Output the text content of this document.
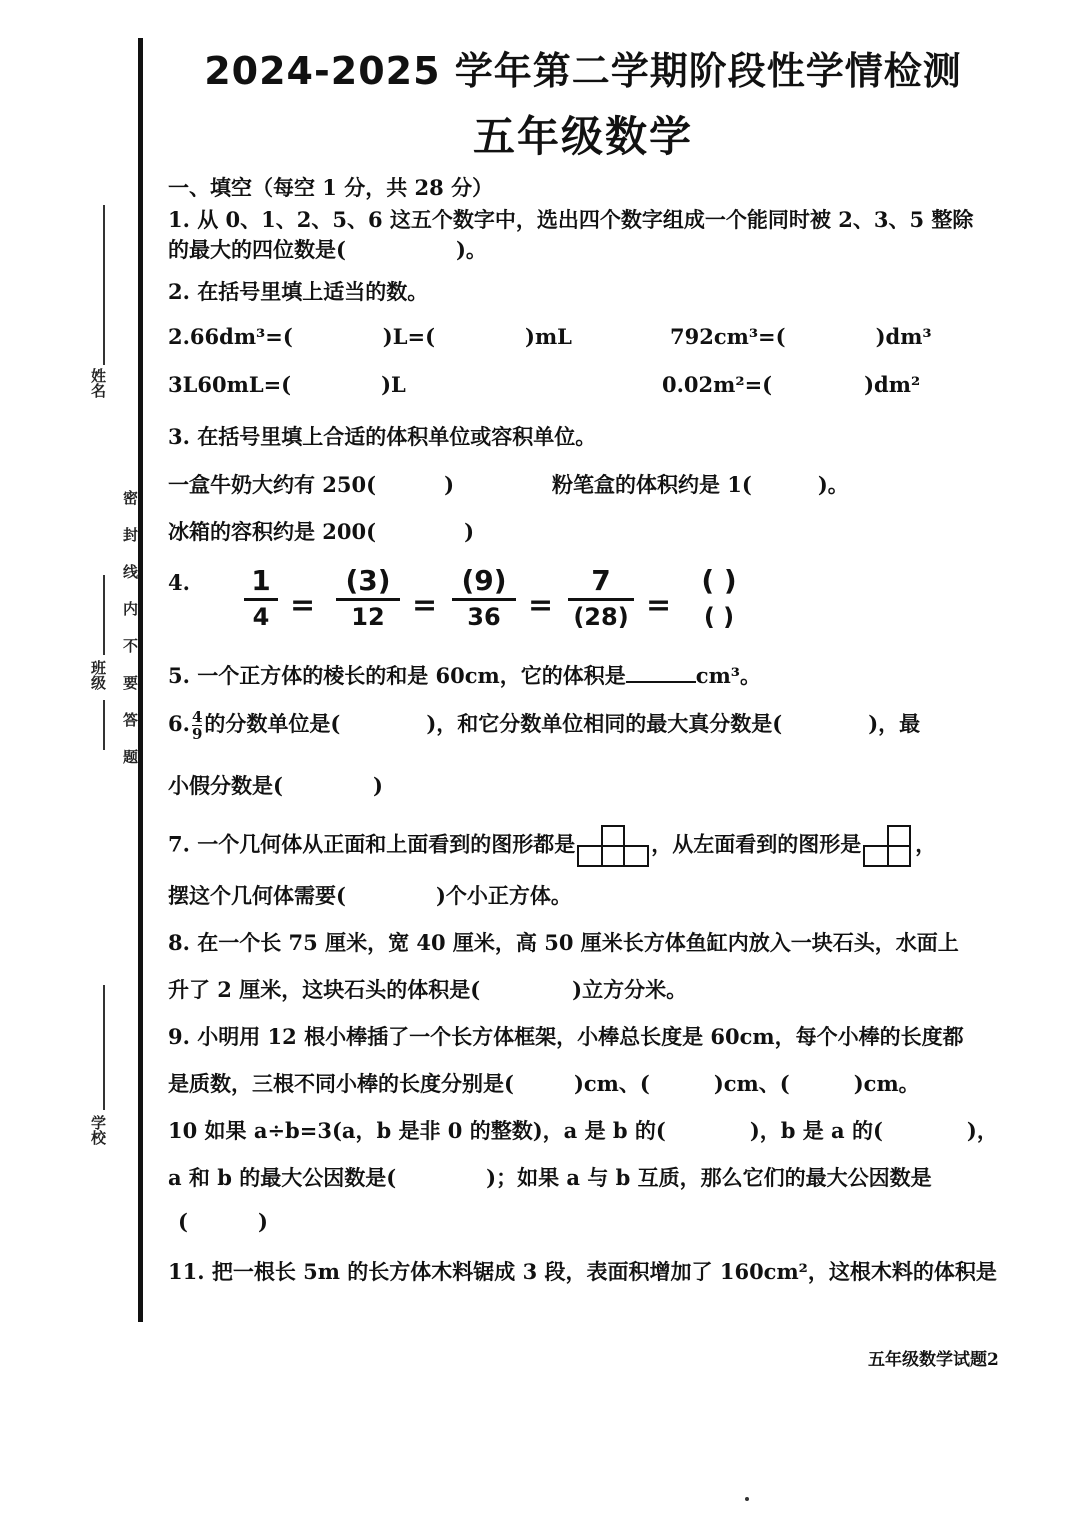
姓名
班级 密封线内不要答题
学校
2024-2025 学年第二学期阶段性学情检测
五年级数学
一、填空（每空 1 分，共 28 分）
1. 从 0、1、2、5、6 这五个数字中，选出四个数字组成一个能同时被 2、3、5 整除
的最大的四位数是(	)。
2. 在括号里填上适当的数。
2.66dm³=(	)L=(	)mL	792cm³=(	)dm³
3L60mL=(	)L	0.02m²=(	)dm²
3. 在括号里填上合适的体积单位或容积单位。
一盒牛奶大约有 250(	)	粉笔盒的体积约是 1(	)。
冰箱的容积约是 200(	)
4. 1
4 =
(3)
12 =
(9)
36 =
7
(28) =
( )
( )
5. 一个正方体的棱长的和是 60cm，它的体积是	cm³。
6. $\frac{4}{9}$的分数单位是(	)，和它分数单位相同的最大真分数是(	)，最
小假分数是(	)
7. 一个几何体从正面和上面看到的图形都是	，从左面看到的图形是	，
摆这个几何体需要(	)个小正方体。
8. 在一个长 75 厘米，宽 40 厘米，高 50 厘米长方体鱼缸内放入一块石头，水面上
升了 2 厘米，这块石头的体积是(	)立方分米。
9. 小明用 12 根小棒插了一个长方体框架，小棒总长度是 60cm，每个小棒的长度都
是质数，三根不同小棒的长度分别是(	)cm、(	)cm、(	)cm。
10 如果 a÷b=3(a，b 是非 0 的整数)，a 是 b 的(	)，b 是 a 的(	)，
a 和 b 的最大公因数是(	)；如果 a 与 b 互质，那么它们的最大公因数是
(	)
11. 把一根长 5m 的长方体木料锯成 3 段，表面积增加了 160cm²，这根木料的体积是
五年级数学试题2
